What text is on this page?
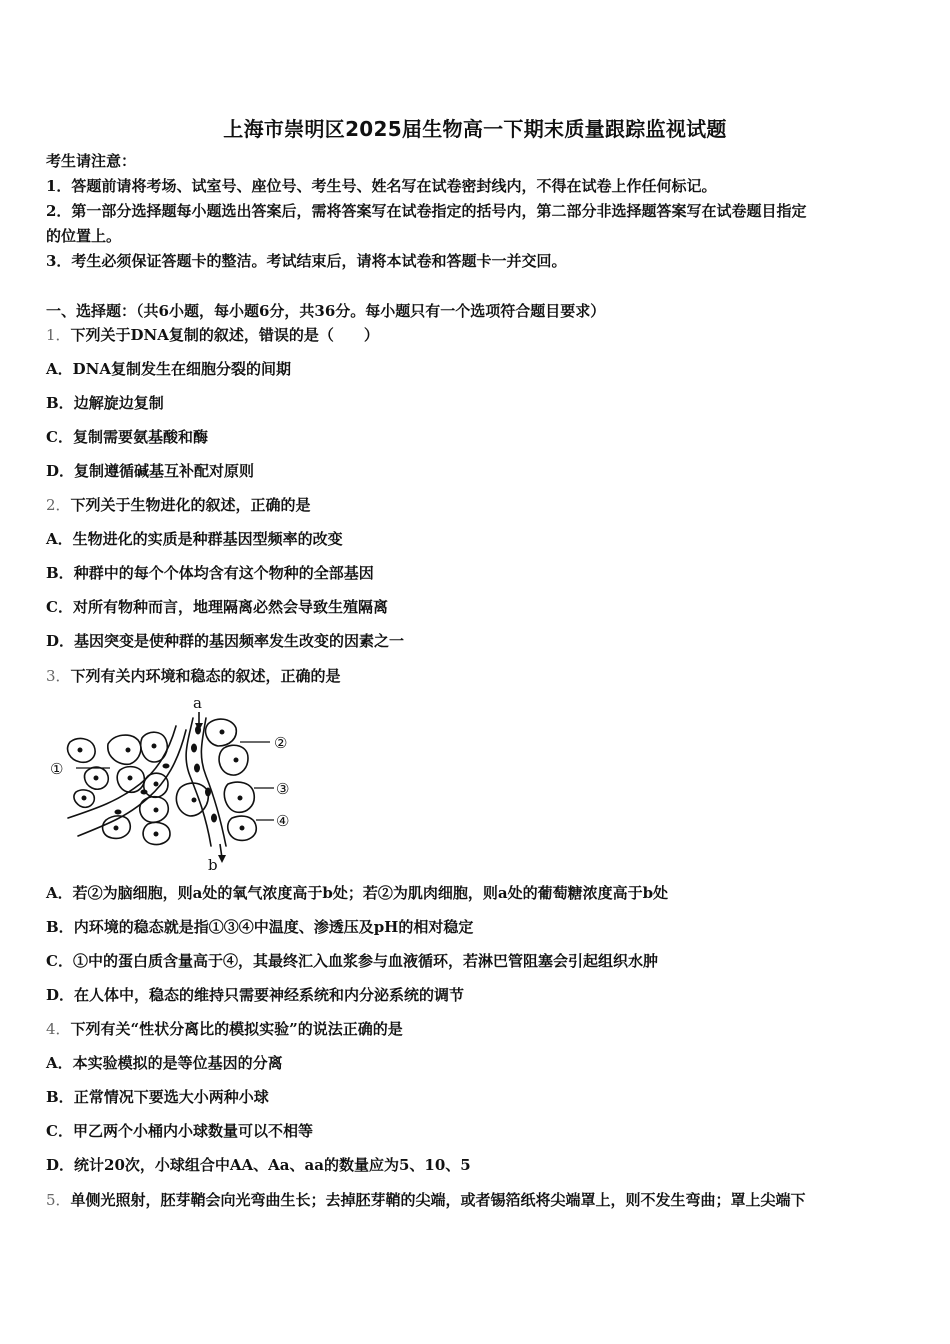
上海市崇明区2025届生物高一下期末质量跟踪监视试题
考生请注意：
1．答题前请将考场、试室号、座位号、考生号、姓名写在试卷密封线内，不得在试卷上作任何标记。
2．第一部分选择题每小题选出答案后，需将答案写在试卷指定的括号内，第二部分非选择题答案写在试卷题目指定
的位置上。
3．考生必须保证答题卡的整洁。考试结束后，请将本试卷和答题卡一并交回。
一、选择题：（共6小题，每小题6分，共36分。每小题只有一个选项符合题目要求）
1．下列关于DNA复制的叙述，错误的是（　　）
A．DNA复制发生在细胞分裂的间期
B．边解旋边复制
C．复制需要氨基酸和酶
D．复制遵循碱基互补配对原则
2．下列关于生物进化的叙述，正确的是
A．生物进化的实质是种群基因型频率的改变
B．种群中的每个个体均含有这个物种的全部基因
C．对所有物种而言，地理隔离必然会导致生殖隔离
D．基因突变是使种群的基因频率发生改变的因素之一
3．下列有关内环境和稳态的叙述，正确的是
a
b
①
②
③
④
A．若②为脑细胞，则a处的氧气浓度高于b处；若②为肌肉细胞，则a处的葡萄糖浓度高于b处
B．内环境的稳态就是指①③④中温度、渗透压及pH的相对稳定
C．①中的蛋白质含量高于④，其最终汇入血浆参与血液循环，若淋巴管阻塞会引起组织水肿
D．在人体中，稳态的维持只需要神经系统和内分泌系统的调节
4．下列有关“性状分离比的模拟实验”的说法正确的是
A．本实验模拟的是等位基因的分离
B．正常情况下要选大小两种小球
C．甲乙两个小桶内小球数量可以不相等
D．统计20次，小球组合中AA、Aa、aa的数量应为5、10、5
5．单侧光照射，胚芽鞘会向光弯曲生长；去掉胚芽鞘的尖端，或者锡箔纸将尖端罩上，则不发生弯曲；罩上尖端下
